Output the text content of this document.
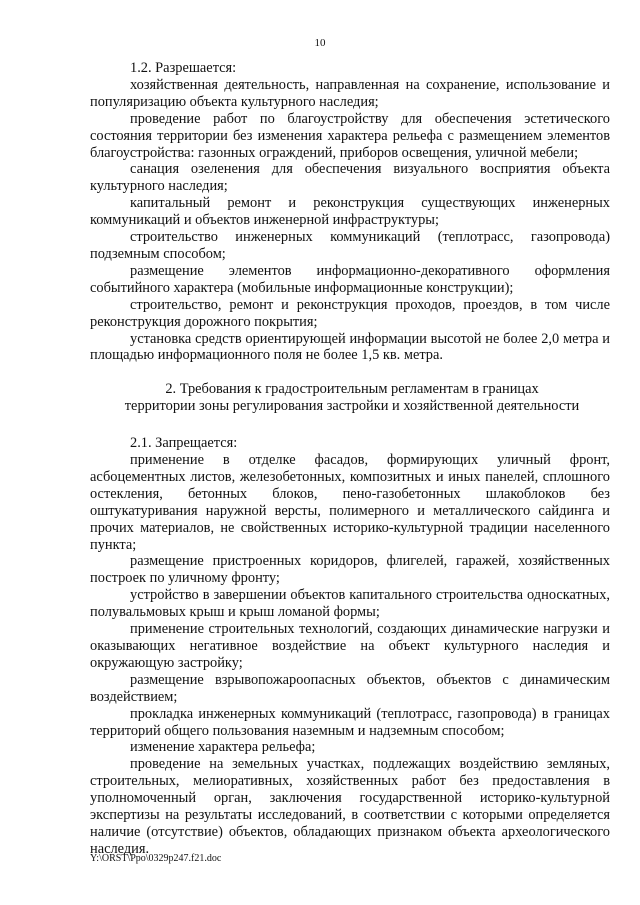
10

1.2. Разрешается:

хозяйственная деятельность, направленная на сохранение, использование и популяризацию объекта культурного наследия;

проведение работ по благоустройству для обеспечения эстетического состояния территории без изменения характера рельефа с размещением элементов благоустройства: газонных ограждений, приборов освещения, уличной мебели;

санация озеленения для обеспечения визуального восприятия объекта культурного наследия;

капитальный ремонт и реконструкция существующих инженерных коммуникаций и объектов инженерной инфраструктуры;

строительство инженерных коммуникаций (теплотрасс, газопровода) подземным способом;

размещение элементов информационно-декоративного оформления событийного характера (мобильные информационные конструкции);

строительство, ремонт и реконструкция проходов, проездов, в том числе реконструкция дорожного покрытия;

установка средств ориентирующей информации высотой не более 2,0 метра и площадью информационного поля не более 1,5 кв. метра.

2. Требования к градостроительным регламентам в границах

территории зоны регулирования застройки и хозяйственной деятельности

2.1. Запрещается:

применение в отделке фасадов, формирующих уличный фронт, асбоцементных листов, железобетонных, композитных и иных панелей, сплошного остекления, бетонных блоков, пено-газобетонных шлакоблоков без оштукатуривания наружной версты, полимерного и металлического сайдинга и прочих материалов, не свойственных историко-культурной традиции населенного пункта;

размещение пристроенных коридоров, флигелей, гаражей, хозяйственных построек по уличному фронту;

устройство в завершении объектов капитального строительства односкатных, полувальмовых крыш и крыш ломаной формы;

применение строительных технологий, создающих динамические нагрузки и оказывающих негативное воздействие на объект культурного наследия и окружающую застройку;

размещение взрывопожароопасных объектов, объектов с динамическим воздействием;

прокладка инженерных коммуникаций (теплотрасс, газопровода) в границах территорий общего пользования наземным и надземным способом;

изменение характера рельефа;

проведение на земельных участках, подлежащих воздействию земляных, строительных, мелиоративных, хозяйственных работ без предоставления в уполномоченный орган, заключения государственной историко-культурной экспертизы на результаты исследований, в соответствии с которыми определяется наличие (отсутствие) объектов, обладающих признаком объекта археологического наследия.

Y:\ORST\Ppo\0329p247.f21.doc
